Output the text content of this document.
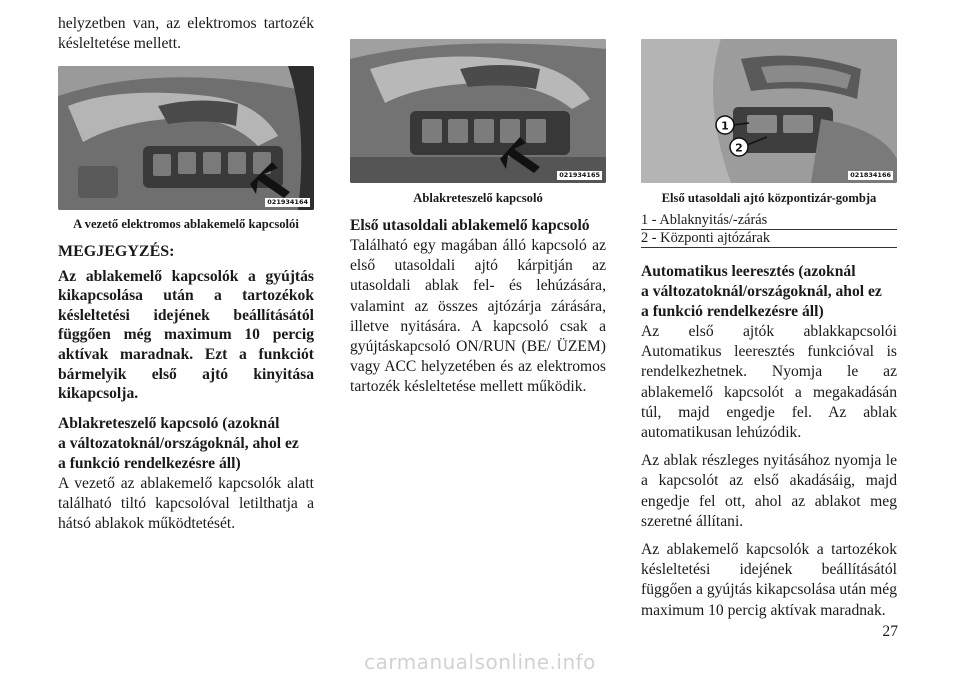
helyzetben van, az elektromos tartozék késleltetése mellett.

021934164
A vezető elektromos ablakemelő kapcsolói

MEGJEGYZÉS:

Az ablakemelő kapcsolók a gyújtás kikapcsolása után a tartozékok késleltetési idejének beállításától függően még maximum 10 percig aktívak maradnak. Ezt a funkciót bármelyik első ajtó kinyitása kikapcsolja.

Ablakreteszelő kapcsoló (azoknál
a változatoknál/országoknál, ahol ez
a funkció rendelkezésre áll)

A vezető az ablakemelő kapcsolók alatt található tiltó kapcsolóval letilthatja a hátsó ablakok működtetését.

021934165
Ablakreteszelő kapcsoló
Első utasoldali ablakemelő kapcsoló

Található egy magában álló kapcsoló az első utasoldali ajtó kárpitján az utasoldali ablak fel- és lehúzására, valamint az összes ajtózárja zárására, illetve nyitására. A kapcsoló csak a gyújtáskapcsoló ON/RUN (BE/ ÜZEM) vagy ACC helyzetében és az elektromos tartozék késleltetése mellett működik.

1
2
021834166
Első utasoldali ajtó központizár-gombja
1 - Ablaknyitás/-zárás
2 - Központi ajtózárak
Automatikus leeresztés (azoknál
a változatoknál/országoknál, ahol ez
a funkció rendelkezésre áll)

Az első ajtók ablakkapcsolói Automatikus leeresztés funkcióval is rendelkezhetnek. Nyomja le az ablakemelő kapcsolót a megakadásán túl, majd engedje fel. Az ablak automatikusan lehúzódik.

Az ablak részleges nyitásához nyomja le a kapcsolót az első akadásáig, majd engedje fel ott, ahol az ablakot meg szeretné állítani.

Az ablakemelő kapcsolók a tartozékok késleltetési idejének beállításától függően a gyújtás kikapcsolása után még maximum 10 percig aktívak maradnak.

27
carmanualsonline.info
